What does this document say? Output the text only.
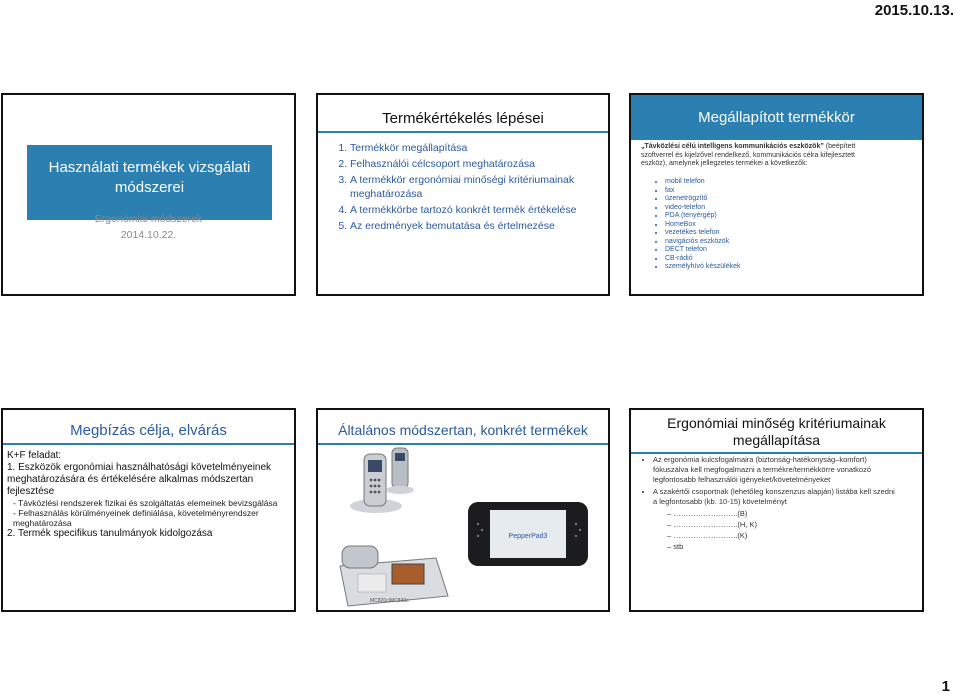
2015.10.13.
Használati termékek vizsgálati módszerei
Ergonómiai módszerek
2014.10.22.
Termékértékelés lépései
1. Termékkör megállapítása
2. Felhasználói célcsoport meghatározása
3. A termékkör ergonómiai minőségi kritériumainak meghatározása
4. A termékkörbe tartozó konkrét termék értékelése
5. Az eredmények bemutatása és értelmezése
Megállapított termékkör
„Távközlési célú intelligens kommunikációs eszközök” (beépített szoftverrel és kijelzővel rendelkező, kommunikációs célra kifejlesztett eszköz), amelynek jellegzetes termékei a következők:
• mobil telefon
• fax
• üzenetrögzítő
• video-telefon
• PDA (tenyérgép)
• HomeBox
• vezetékes telefon
• navigációs eszközök
• DECT telefon
• CB-rádió
• személyhívó készülékek
Megbízás célja, elvárás
K+F feladat:
1. Eszközök ergonómiai használhatósági követelményeinek meghatározására és értékelésére alkalmas módszertan fejlesztése
- Távközlési rendszerek fizikai és szolgáltatás elemeinek bevizsgálása
- Felhasználás körülményeinek definiálása, követelményrendszer meghatározása
2. Termék specifikus tanulmányok kidolgozása
Általános módszertan, konkrét termékek
PepperPad3
MC820c/MC830c
Ergonómiai minőség kritériumainak megállapítása
• Az ergonómia kulcsfogalmaira (biztonság-hatékonyság–komfort) fókuszálva kell megfogalmazni a termékre/termékkörre vonatkozó legfontosabb felhasználói igényeket/követelményeket
• A szakértői csoportnak (lehetőleg konszenzus alapján) listába kell szedni a legfontosabb (kb. 10-15) követelményt
– ……………………..(B)
– ……………………..(H, K)
– ……………………..(K)
– stb
1
